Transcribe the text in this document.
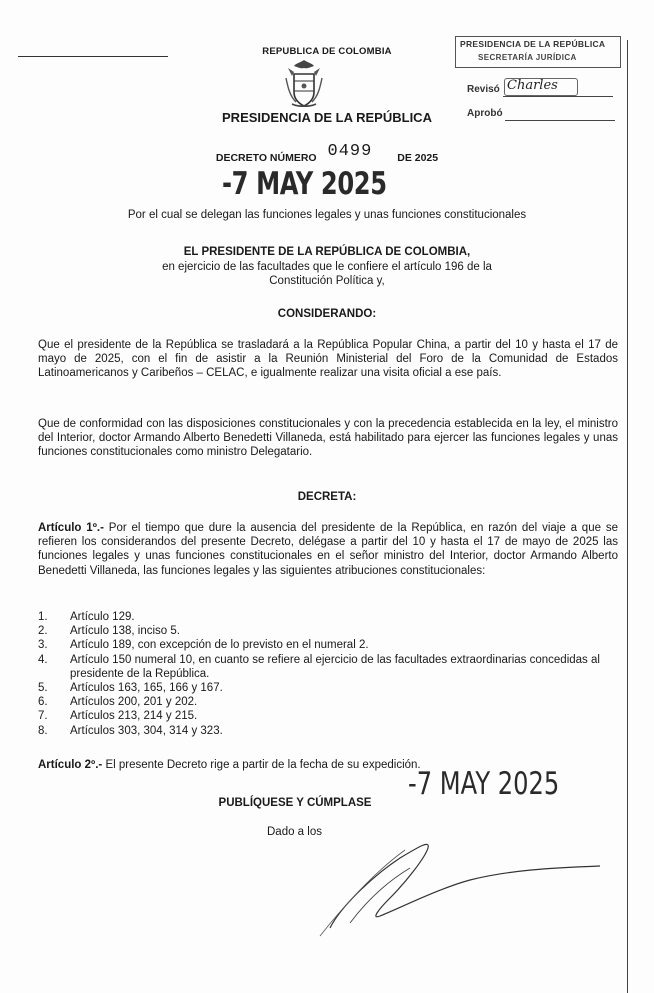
REPUBLICA DE COLOMBIA
PRESIDENCIA DE LA REPÚBLICA
PRESIDENCIA DE LA REPÚBLICA
SECRETARÍA JURÍDICA
Revisó Charles
Aprobó
DECRETO NÚMERO 0499 DE 2025
-7 MAY 2025
Por el cual se delegan las funciones legales y unas funciones constitucionales
EL PRESIDENTE DE LA REPÚBLICA DE COLOMBIA,
en ejercicio de las facultades que le confiere el artículo 196 de la
Constitución Política y,
CONSIDERANDO:
Que el presidente de la República se trasladará a la República Popular China, a partir del 10 y hasta el 17 de mayo de 2025, con el fin de asistir a la Reunión Ministerial del Foro de la Comunidad de Estados Latinoamericanos y Caribeños – CELAC, e igualmente realizar una visita oficial a ese país.
Que de conformidad con las disposiciones constitucionales y con la precedencia establecida en la ley, el ministro del Interior, doctor Armando Alberto Benedetti Villaneda, está habilitado para ejercer las funciones legales y unas funciones constitucionales como ministro Delegatario.
DECRETA:
Artículo 1º.- Por el tiempo que dure la ausencia del presidente de la República, en razón del viaje a que se refieren los considerandos del presente Decreto, delégase a partir del 10 y hasta el 17 de mayo de 2025 las funciones legales y unas funciones constitucionales en el señor ministro del Interior, doctor Armando Alberto Benedetti Villaneda, las funciones legales y las siguientes atribuciones constitucionales:
1.	Artículo 129.
2.	Artículo 138, inciso 5.
3.	Artículo 189, con excepción de lo previsto en el numeral 2.
4.	Artículo 150 numeral 10, en cuanto se refiere al ejercicio de las facultades extraordinarias concedidas al presidente de la República.
5.	Artículos 163, 165, 166 y 167.
6.	Artículos 200, 201 y 202.
7.	Artículos 213, 214 y 215.
8.	Artículos 303, 304, 314 y 323.
Artículo 2º.- El presente Decreto rige a partir de la fecha de su expedición.
-7 MAY 2025
PUBLÍQUESE Y CÚMPLASE
Dado a los
